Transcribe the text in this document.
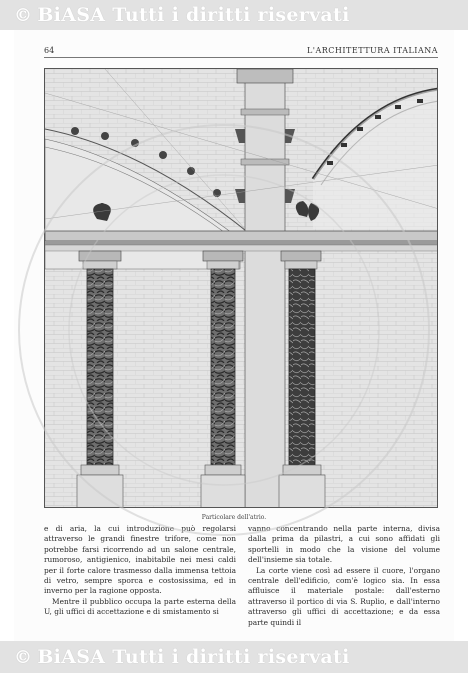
© BiASA Tutti i diritti riservati
64	L'ARCHITETTURA ITALIANA
Particolare dell'atrio.

e di aria, la cui introduzione può regolarsi attraverso le grandi finestre trifore, come non potrebbe farsi ricorrendo ad un salone centrale, rumoroso, antigienico, inabitabile nei mesi caldi per il forte calore trasmesso dalla immensa tettoia di vetro, sempre sporca e costosissima, ed in inverno per la ragione opposta.

Mentre il pubblico occupa la parte esterna della U, gli uffici di accettazione e di smistamento si

vanno concentrando nella parte interna, divisa dalla prima da pilastri, a cui sono affidati gli sportelli in modo che la visione del volume dell'insieme sia totale.

La corte viene così ad essere il cuore, l'organo centrale dell'edificio, com'è logico sia. In essa affluisce il materiale postale: dall'esterno attraverso il portico di via S. Ruplio, e dall'interno attraverso gli uffici di accettazione; e da essa parte quindi il

© BiASA Tutti i diritti riservati
